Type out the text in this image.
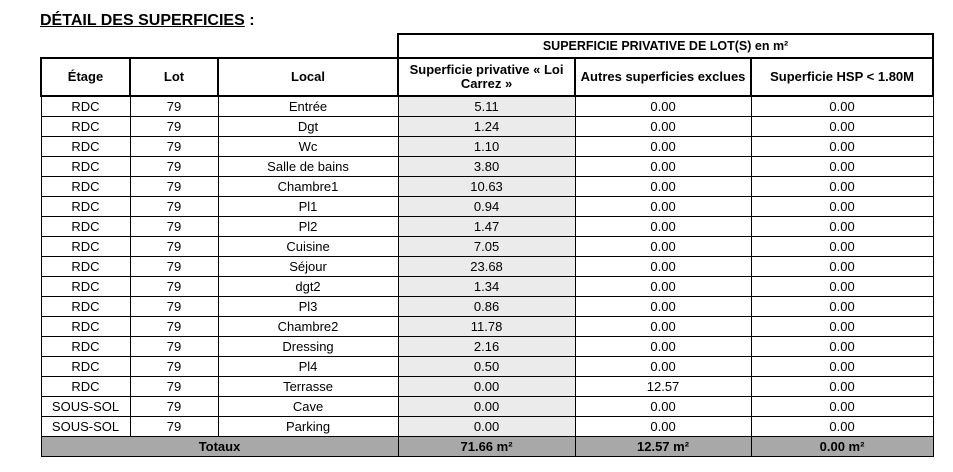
DÉTAIL DES SUPERFICIES :
			SUPERFICIE PRIVATIVE DE LOT(S) en m²		
Étage	Lot	Local	Superficie privative « Loi Carrez »	Autres superficies exclues	Superficie HSP < 1.80M
RDC	79	Entrée	5.11	0.00	0.00
RDC	79	Dgt	1.24	0.00	0.00
RDC	79	Wc	1.10	0.00	0.00
RDC	79	Salle de bains	3.80	0.00	0.00
RDC	79	Chambre1	10.63	0.00	0.00
RDC	79	Pl1	0.94	0.00	0.00
RDC	79	Pl2	1.47	0.00	0.00
RDC	79	Cuisine	7.05	0.00	0.00
RDC	79	Séjour	23.68	0.00	0.00
RDC	79	dgt2	1.34	0.00	0.00
RDC	79	Pl3	0.86	0.00	0.00
RDC	79	Chambre2	11.78	0.00	0.00
RDC	79	Dressing	2.16	0.00	0.00
RDC	79	Pl4	0.50	0.00	0.00
RDC	79	Terrasse	0.00	12.57	0.00
SOUS-SOL	79	Cave	0.00	0.00	0.00
SOUS-SOL	79	Parking	0.00	0.00	0.00
Totaux			71.66 m²	12.57 m²	0.00 m²
